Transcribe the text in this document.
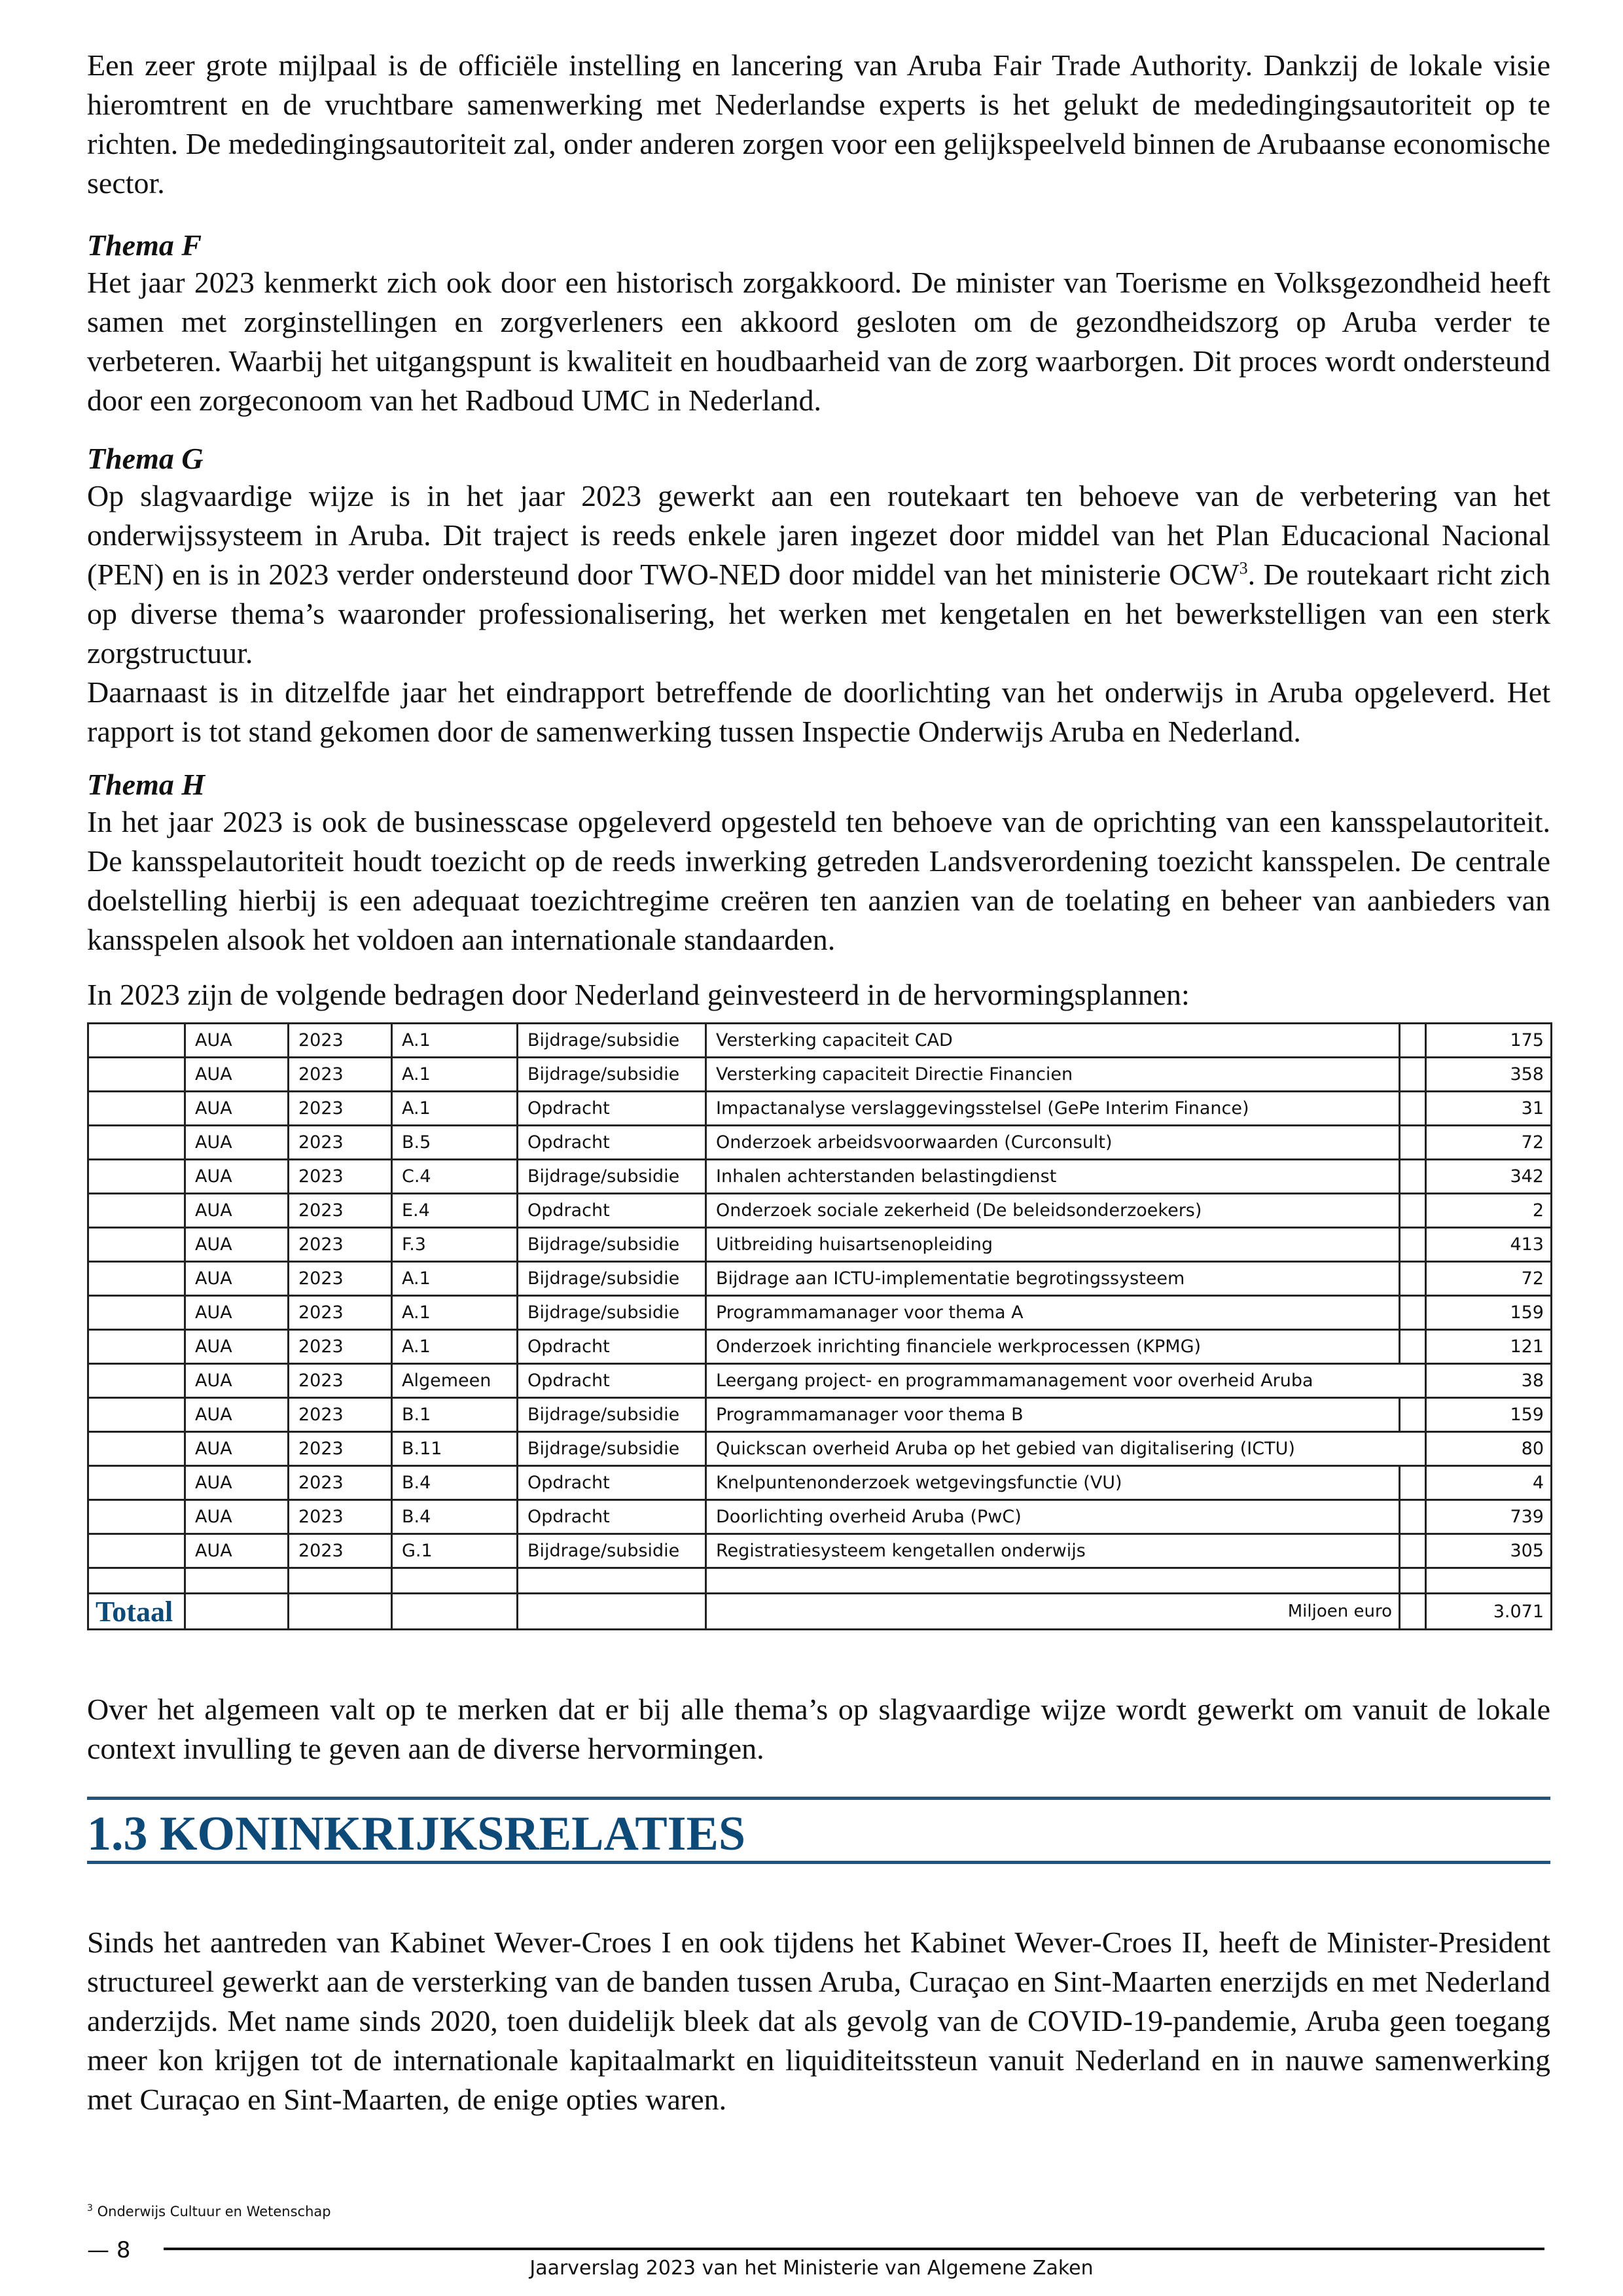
Een zeer grote mijlpaal is de officiële instelling en lancering van Aruba Fair Trade Authority. Dankzij de lokale visie hieromtrent en de vruchtbare samenwerking met Nederlandse experts is het gelukt de mededingingsautoriteit op te richten. De mededingingsautoriteit zal, onder anderen zorgen voor een gelijkspeelveld binnen de Arubaanse economische sector.

Thema F

Het jaar 2023 kenmerkt zich ook door een historisch zorgakkoord. De minister van Toerisme en Volksgezondheid heeft samen met zorginstellingen en zorgverleners een akkoord gesloten om de gezondheidszorg op Aruba verder te verbeteren. Waarbij het uitgangspunt is kwaliteit en houdbaarheid van de zorg waarborgen. Dit proces wordt ondersteund door een zorgeconoom van het Radboud UMC in Nederland.

Thema G

Op slagvaardige wijze is in het jaar 2023 gewerkt aan een routekaart ten behoeve van de verbetering van het onderwijssysteem in Aruba. Dit traject is reeds enkele jaren ingezet door middel van het Plan Educacional Nacional (PEN) en is in 2023 verder ondersteund door TWO-NED door middel van het ministerie OCW$^3$. De routekaart richt zich op diverse thema’s waaronder professionalisering, het werken met kengetalen en het bewerkstelligen van een sterk zorgstructuur.

Daarnaast is in ditzelfde jaar het eindrapport betreffende de doorlichting van het onderwijs in Aruba opgeleverd. Het rapport is tot stand gekomen door de samenwerking tussen Inspectie Onderwijs Aruba en Nederland.

Thema H

In het jaar 2023 is ook de businesscase opgeleverd opgesteld ten behoeve van de oprichting van een kansspelautoriteit. De kansspelautoriteit houdt toezicht op de reeds inwerking getreden Landsverordening toezicht kansspelen. De centrale doelstelling hierbij is een adequaat toezichtregime creëren ten aanzien van de toelating en beheer van aanbieders van kansspelen alsook het voldoen aan internationale standaarden.

In 2023 zijn de volgende bedragen door Nederland geinvesteerd in de hervormingsplannen:

	AUA	2023	A.1	Bijdrage/subsidie	Versterking capaciteit CAD		175
	AUA	2023	A.1	Bijdrage/subsidie	Versterking capaciteit Directie Financien		358
	AUA	2023	A.1	Opdracht	Impactanalyse verslaggevingsstelsel (GePe Interim Finance)		31
	AUA	2023	B.5	Opdracht	Onderzoek arbeidsvoorwaarden (Curconsult)		72
	AUA	2023	C.4	Bijdrage/subsidie	Inhalen achterstanden belastingdienst		342
	AUA	2023	E.4	Opdracht	Onderzoek sociale zekerheid (De beleidsonderzoekers)		2
	AUA	2023	F.3	Bijdrage/subsidie	Uitbreiding huisartsenopleiding		413
	AUA	2023	A.1	Bijdrage/subsidie	Bijdrage aan ICTU-implementatie begrotingssysteem		72
	AUA	2023	A.1	Bijdrage/subsidie	Programmamanager voor thema A		159
	AUA	2023	A.1	Opdracht	Onderzoek inrichting financiele werkprocessen (KPMG)		121
	AUA	2023	Algemeen	Opdracht	Leergang project- en programmamanagement voor overheid Aruba		38
	AUA	2023	B.1	Bijdrage/subsidie	Programmamanager voor thema B		159
	AUA	2023	B.11	Bijdrage/subsidie	Quickscan overheid Aruba op het gebied van digitalisering (ICTU)		80
	AUA	2023	B.4	Opdracht	Knelpuntenonderzoek wetgevingsfunctie (VU)		4
	AUA	2023	B.4	Opdracht	Doorlichting overheid Aruba (PwC)		739
	AUA	2023	G.1	Bijdrage/subsidie	Registratiesysteem kengetallen onderwijs		305

Totaal					Miljoen euro		3.071

Over het algemeen valt op te merken dat er bij alle thema’s op slagvaardige wijze wordt gewerkt om vanuit de lokale context invulling te geven aan de diverse hervormingen.

1.3 KONINKRIJKSRELATIES

Sinds het aantreden van Kabinet Wever-Croes I en ook tijdens het Kabinet Wever-Croes II, heeft de Minister-President structureel gewerkt aan de versterking van de banden tussen Aruba, Curaçao en Sint-Maarten enerzijds en met Nederland anderzijds. Met name sinds 2020, toen duidelijk bleek dat als gevolg van de COVID-19-pandemie, Aruba geen toegang meer kon krijgen tot de internationale kapitaalmarkt en liquiditeitssteun vanuit Nederland en in nauwe samenwerking met Curaçao en Sint-Maarten, de enige opties waren.

$^3$ Onderwijs Cultuur en Wetenschap
— 8
Jaarverslag 2023 van het Ministerie van Algemene Zaken
